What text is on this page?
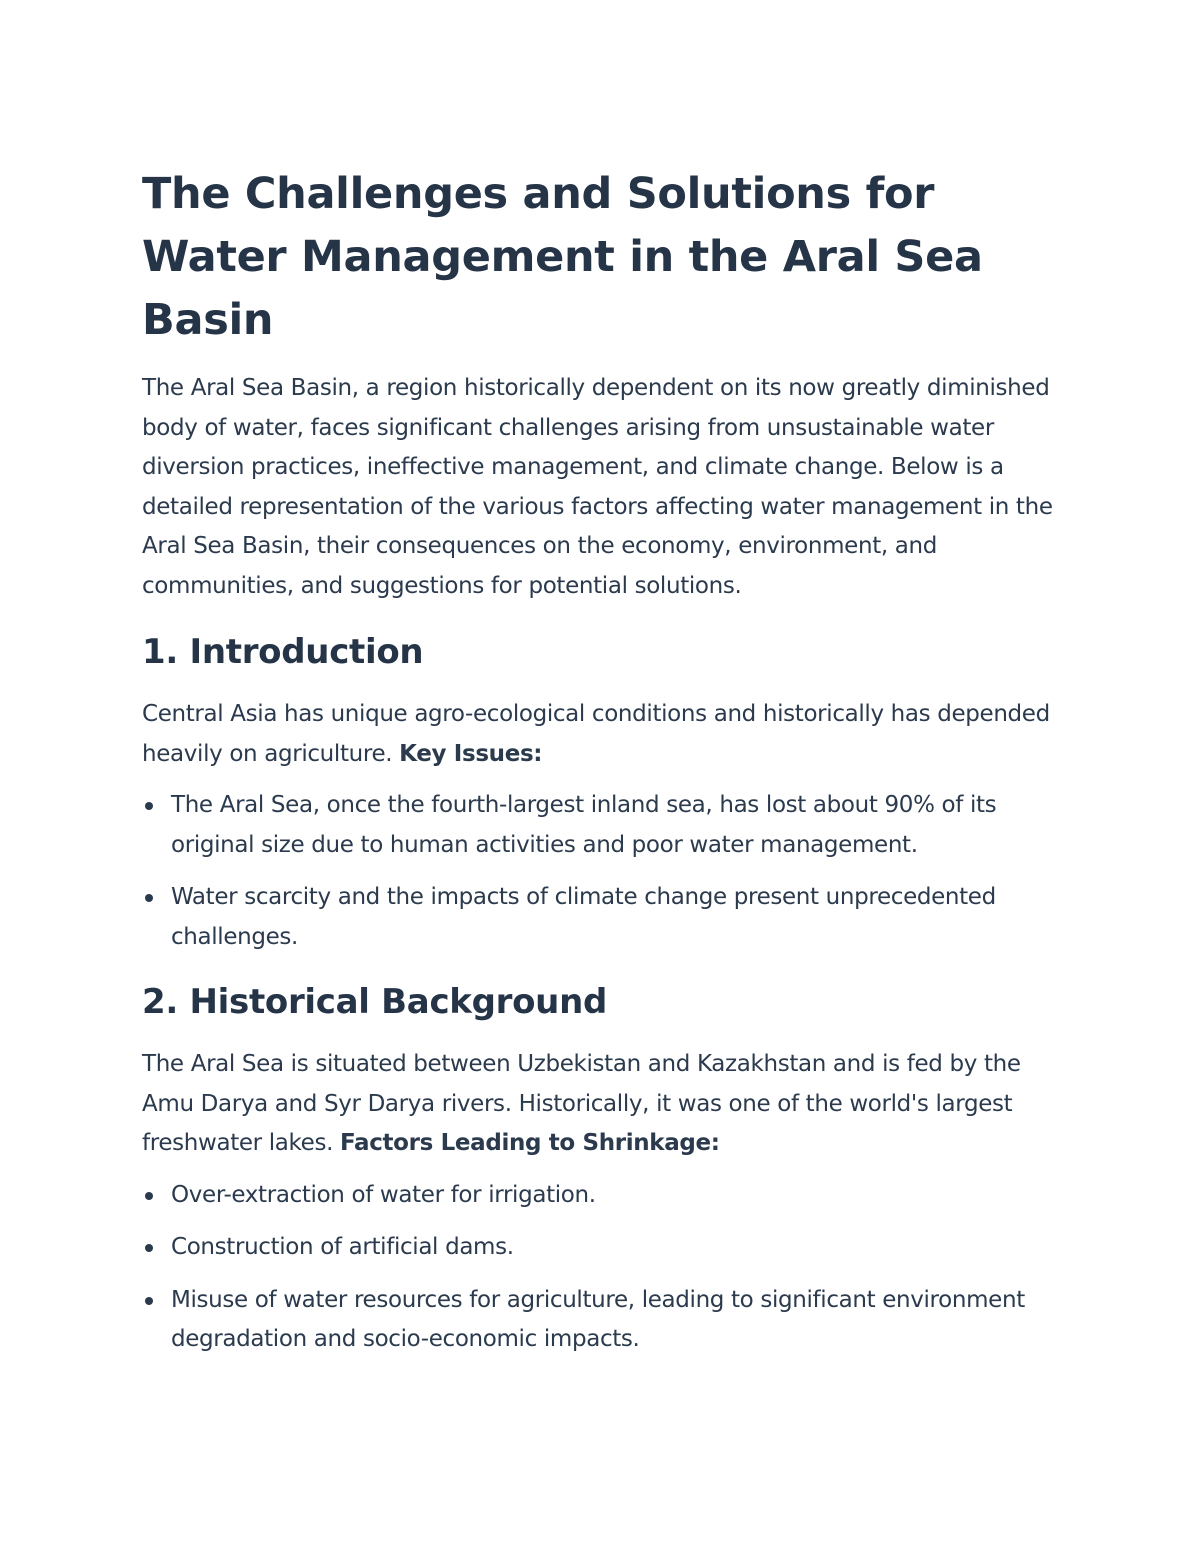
The Challenges and Solutions for Water Management in the Aral Sea Basin

The Aral Sea Basin, a region historically dependent on its now greatly diminished body of water, faces significant challenges arising from unsustainable water diversion practices, ineffective management, and climate change. Below is a detailed representation of the various factors affecting water management in the Aral Sea Basin, their consequences on the economy, environment, and communities, and suggestions for potential solutions.

1. Introduction

Central Asia has unique agro-ecological conditions and historically has depended heavily on agriculture. Key Issues:

The Aral Sea, once the fourth-largest inland sea, has lost about 90% of its original size due to human activities and poor water management.
Water scarcity and the impacts of climate change present unprecedented challenges.
2. Historical Background

The Aral Sea is situated between Uzbekistan and Kazakhstan and is fed by the Amu Darya and Syr Darya rivers. Historically, it was one of the world's largest freshwater lakes. Factors Leading to Shrinkage:

Over-extraction of water for irrigation.
Construction of artificial dams.
Misuse of water resources for agriculture, leading to significant environment degradation and socio-economic impacts.
